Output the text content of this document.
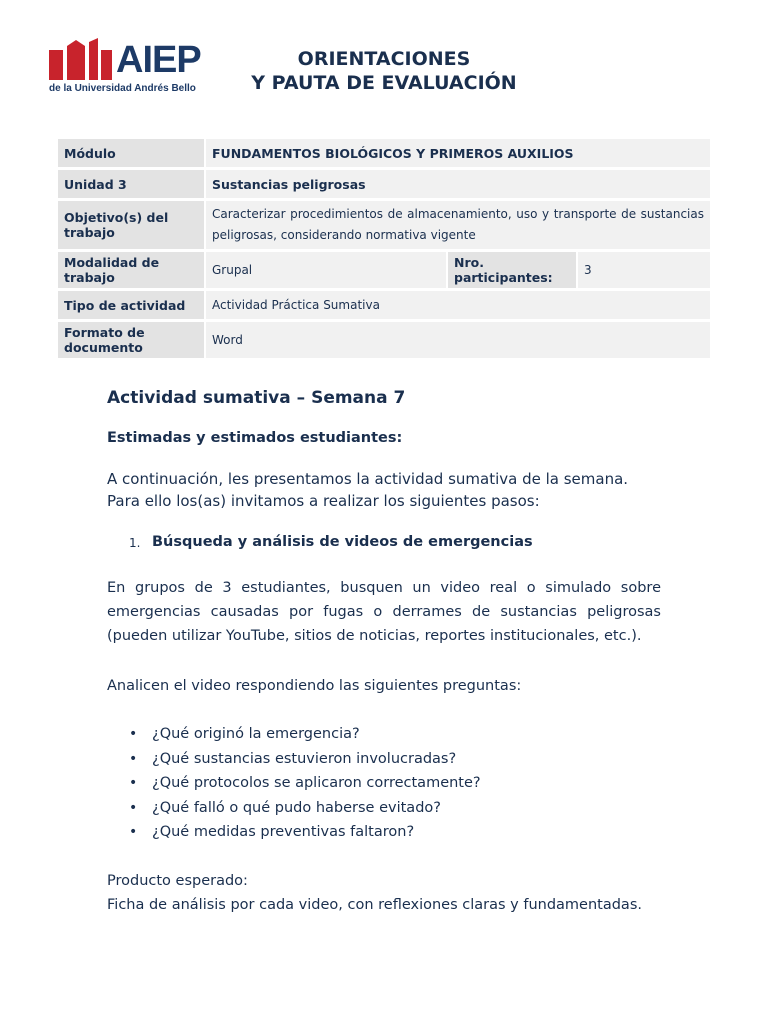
AIEP
de la Universidad Andrés Bello
ORIENTACIONES
Y PAUTA DE EVALUACIÓN
Módulo	FUNDAMENTOS BIOLÓGICOS Y PRIMEROS AUXILIOS		
Unidad 3	Sustancias peligrosas		
Objetivo(s) del trabajo	Caracterizar procedimientos de almacenamiento, uso y transporte de sustancias peligrosas, considerando normativa vigente		
Modalidad de trabajo	Grupal	Nro. participantes:	3
Tipo de actividad	Actividad Práctica Sumativa		
Formato de documento	Word		
Actividad sumativa – Semana 7
Estimadas y estimados estudiantes:
A continuación, les presentamos la actividad sumativa de la semana. Para ello los(as) invitamos a realizar los siguientes pasos:
1. Búsqueda y análisis de videos de emergencias
En grupos de 3 estudiantes, busquen un video real o simulado sobre emergencias causadas por fugas o derrames de sustancias peligrosas (pueden utilizar YouTube, sitios de noticias, reportes institucionales, etc.).
Analicen el video respondiendo las siguientes preguntas:
•	¿Qué originó la emergencia?
•	¿Qué sustancias estuvieron involucradas?
•	¿Qué protocolos se aplicaron correctamente?
•	¿Qué falló o qué pudo haberse evitado?
•	¿Qué medidas preventivas faltaron?
Producto esperado:
Ficha de análisis por cada video, con reflexiones claras y fundamentadas.
